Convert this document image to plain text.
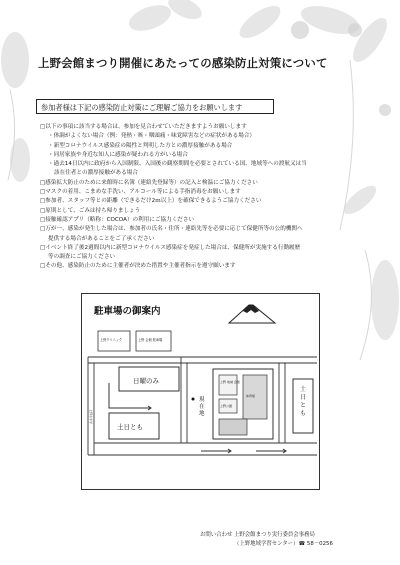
上野会館まつり開催にあたっての感染防止対策について
参加者様は下記の感染防止対策にご理解ご協力をお願いします
□以下の事項に該当する場合は、参加を見合わせていただきますようお願いします
・体調がよくない場合（例：発熱・咳・咽頭痛・味覚障害などの症状がある場合）
・新型コロナウイルス感染症の陽性と判明した方との濃厚接触がある場合
・同居家族や身近な知人に感染が疑われる方がいる場合
・過去14日以内に政府から入国制限、入国後の観察期間を必要とされている国、地域等への渡航又は当
該在住者との濃厚接触がある場合
□感染拡大防止のために来館時に名簿（連絡先登録等）の記入と検温にご協力ください
□マスクの着用、こまめな手洗い、アルコール等による手指消毒をお願いします
□参加者、スタッフ等との距離（できるだけ2ｍ以上）を確保できるようご協力ください
□原則として、ごみは持ち帰りましょう
□接触確認アプリ（略称：COCOA）の利用にご協力ください
□万が一、感染が発生した場合は、参加者の氏名・住所・連絡先等を必要に応じて保健所等の公的機関へ
提供する場合があることをご了承ください
□イベント終了後2週間以内に新型コロナウイルス感染症を発症した場合は、保健所が実施する行動履歴
等の調査にご協力ください
□その他、感染防止のために主催者が決めた措置や主催者指示を遵守願います
駐車場の御案内
上野クリニック	上野 会館 駐車場
上野小中学
日曜のみ
土日とも
上野 地域 会館
体育館
上野公園
現在地
土日とも
お問い合わせ 上野会館まつり実行委員会事務局
（上野地域学習センター）☎ 58－0256
